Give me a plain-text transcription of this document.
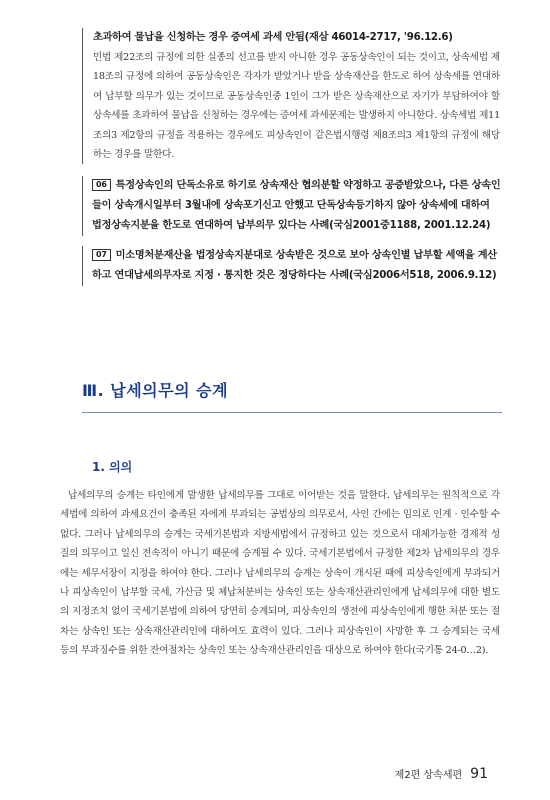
초과하여 물납을 신청하는 경우 증여세 과세 안됨(재삼 46014-2717, '96.12.6)

민법 제22조의 규정에 의한 실종의 선고를 받지 아니한 경우 공동상속인이 되는 것이고, 상속세법 제18조의 규정에 의하여 공동상속인은 각자가 받았거나 받을 상속재산을 한도로 하여 상속세를 연대하여 납부할 의무가 있는 것이므로 공동상속인중 1인이 그가 받은 상속재산으로 자기가 부담하여야 할 상속세를 초과하여 물납을 신청하는 경우에는 증여세 과세문제는 발생하지 아니한다. 상속세법 제11조의3 제2항의 규정을 적용하는 경우에도 피상속인이 같은법시행령 제8조의3 제1항의 규정에 해당하는 경우를 말한다.

06 특정상속인의 단독소유로 하기로 상속재산 협의분할 약정하고 공증받았으나, 다른 상속인들이 상속개시일부터 3월내에 상속포기신고 안했고 단독상속등기하지 않아 상속세에 대하여 법정상속지분을 한도로 연대하여 납부의무 있다는 사례(국심2001중1188, 2001.12.24)

07 미소명처분재산을 법정상속지분대로 상속받은 것으로 보아 상속인별 납부할 세액을 계산하고 연대납세의무자로 지정 · 통지한 것은 정당하다는 사례(국심2006서518, 2006.9.12)

Ⅲ. 납세의무의 승계
1. 의의

납세의무의 승계는 타인에게 발생한 납세의무를 그대로 이어받는 것을 말한다. 납세의무는 원칙적으로 각 세법에 의하여 과세요건이 충족된 자에게 부과되는 공법상의 의무로서, 사인 간에는 임의로 인계 · 인수할 수 없다. 그러나 납세의무의 승계는 국세기본법과 지방세법에서 규정하고 있는 것으로서 대체가능한 경제적 성질의 의무이고 일신 전속적이 아니기 때문에 승계될 수 있다. 국세기본법에서 규정한 제2차 납세의무의 경우에는 세무서장이 지정을 하여야 한다. 그러나 납세의무의 승계는 상속이 개시된 때에 피상속인에게 부과되거나 피상속인이 납부할 국세, 가산금 및 체납처분비는 상속인 또는 상속재산관리인에게 납세의무에 대한 별도의 지정조치 없이 국세기본법에 의하여 당연히 승계되며, 피상속인의 생전에 피상속인에게 행한 처분 또는 절차는 상속인 또는 상속재산관리인에 대하여도 효력이 있다. 그러나 피상속인이 사망한 후 그 승계되는 국세 등의 부과징수를 위한 잔여절차는 상속인 또는 상속재산관리인을 대상으로 하여야 한다(국기통 24-0…2).

제2편 상속세편 91
